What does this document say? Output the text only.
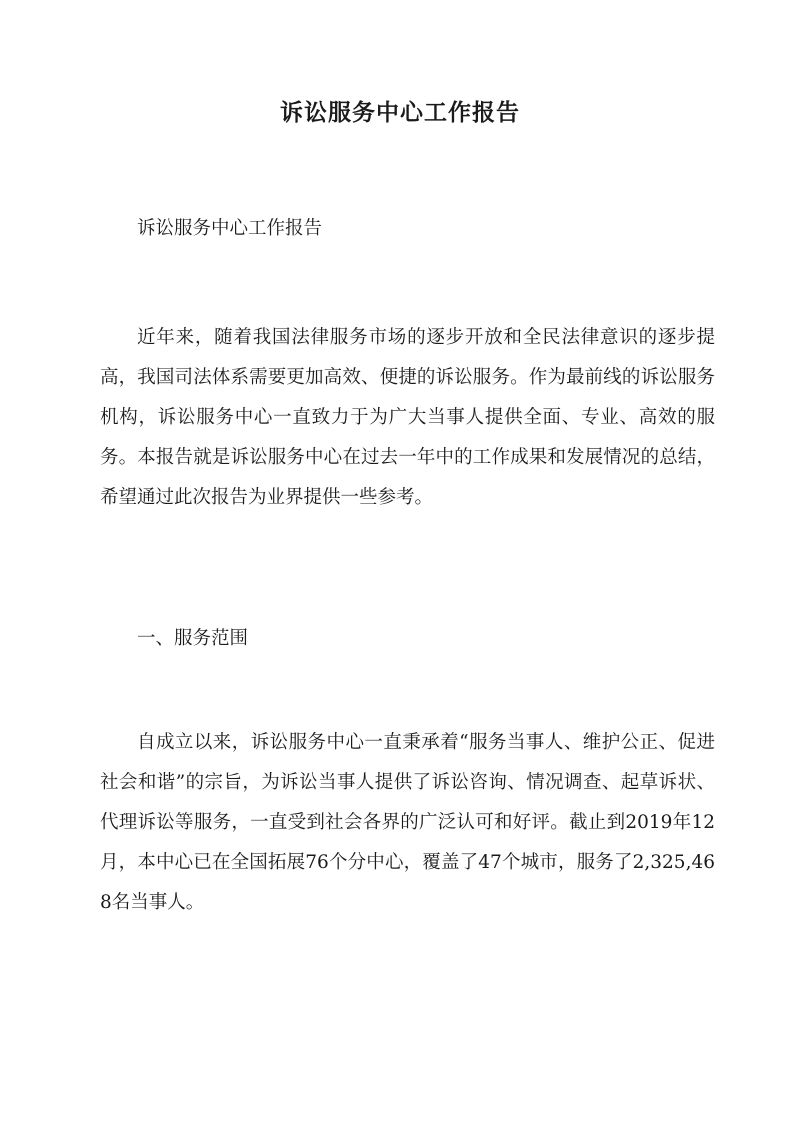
诉讼服务中心工作报告

诉讼服务中心工作报告

近年来，随着我国法律服务市场的逐步开放和全民法律意识的逐步提高，我国司法体系需要更加高效、便捷的诉讼服务。作为最前线的诉讼服务机构，诉讼服务中心一直致力于为广大当事人提供全面、专业、高效的服务。本报告就是诉讼服务中心在过去一年中的工作成果和发展情况的总结，希望通过此次报告为业界提供一些参考。

一、服务范围

自成立以来，诉讼服务中心一直秉承着“服务当事人、维护公正、促进社会和谐”的宗旨，为诉讼当事人提供了诉讼咨询、情况调查、起草诉状、代理诉讼等服务，一直受到社会各界的广泛认可和好评。截止到2019年12月，本中心已在全国拓展76个分中心，覆盖了47个城市，服务了2,325,468名当事人。
